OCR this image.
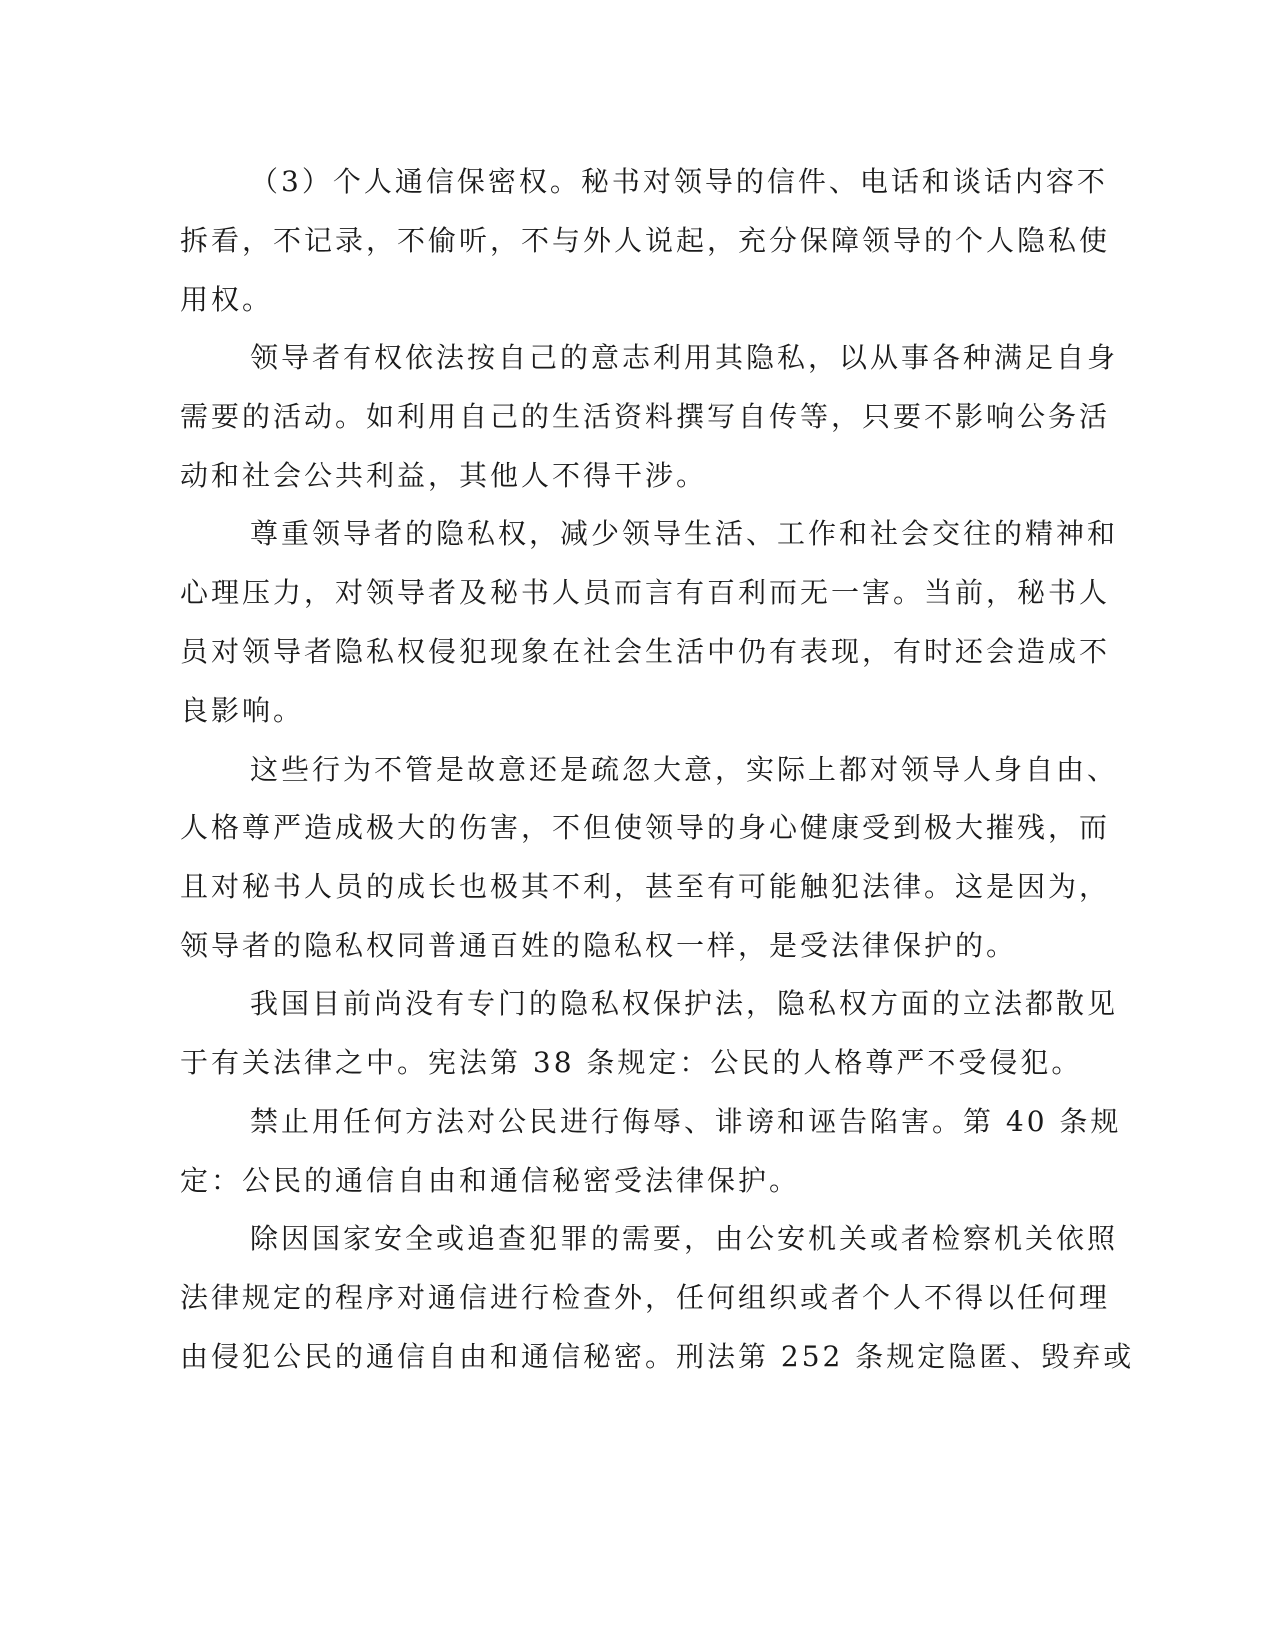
（3）个人通信保密权。秘书对领导的信件、电话和谈话内容不
拆看，不记录，不偷听，不与外人说起，充分保障领导的个人隐私使
用权。
领导者有权依法按自己的意志利用其隐私，以从事各种满足自身
需要的活动。如利用自己的生活资料撰写自传等，只要不影响公务活
动和社会公共利益，其他人不得干涉。
尊重领导者的隐私权，减少领导生活、工作和社会交往的精神和
心理压力，对领导者及秘书人员而言有百利而无一害。当前，秘书人
员对领导者隐私权侵犯现象在社会生活中仍有表现，有时还会造成不
良影响。
这些行为不管是故意还是疏忽大意，实际上都对领导人身自由、
人格尊严造成极大的伤害，不但使领导的身心健康受到极大摧残，而
且对秘书人员的成长也极其不利，甚至有可能触犯法律。这是因为，
领导者的隐私权同普通百姓的隐私权一样，是受法律保护的。
我国目前尚没有专门的隐私权保护法，隐私权方面的立法都散见
于有关法律之中。宪法第 38 条规定：公民的人格尊严不受侵犯。
禁止用任何方法对公民进行侮辱、诽谤和诬告陷害。第 40 条规
定：公民的通信自由和通信秘密受法律保护。
除因国家安全或追查犯罪的需要，由公安机关或者检察机关依照
法律规定的程序对通信进行检查外，任何组织或者个人不得以任何理
由侵犯公民的通信自由和通信秘密。刑法第 252 条规定隐匿、毁弃或
